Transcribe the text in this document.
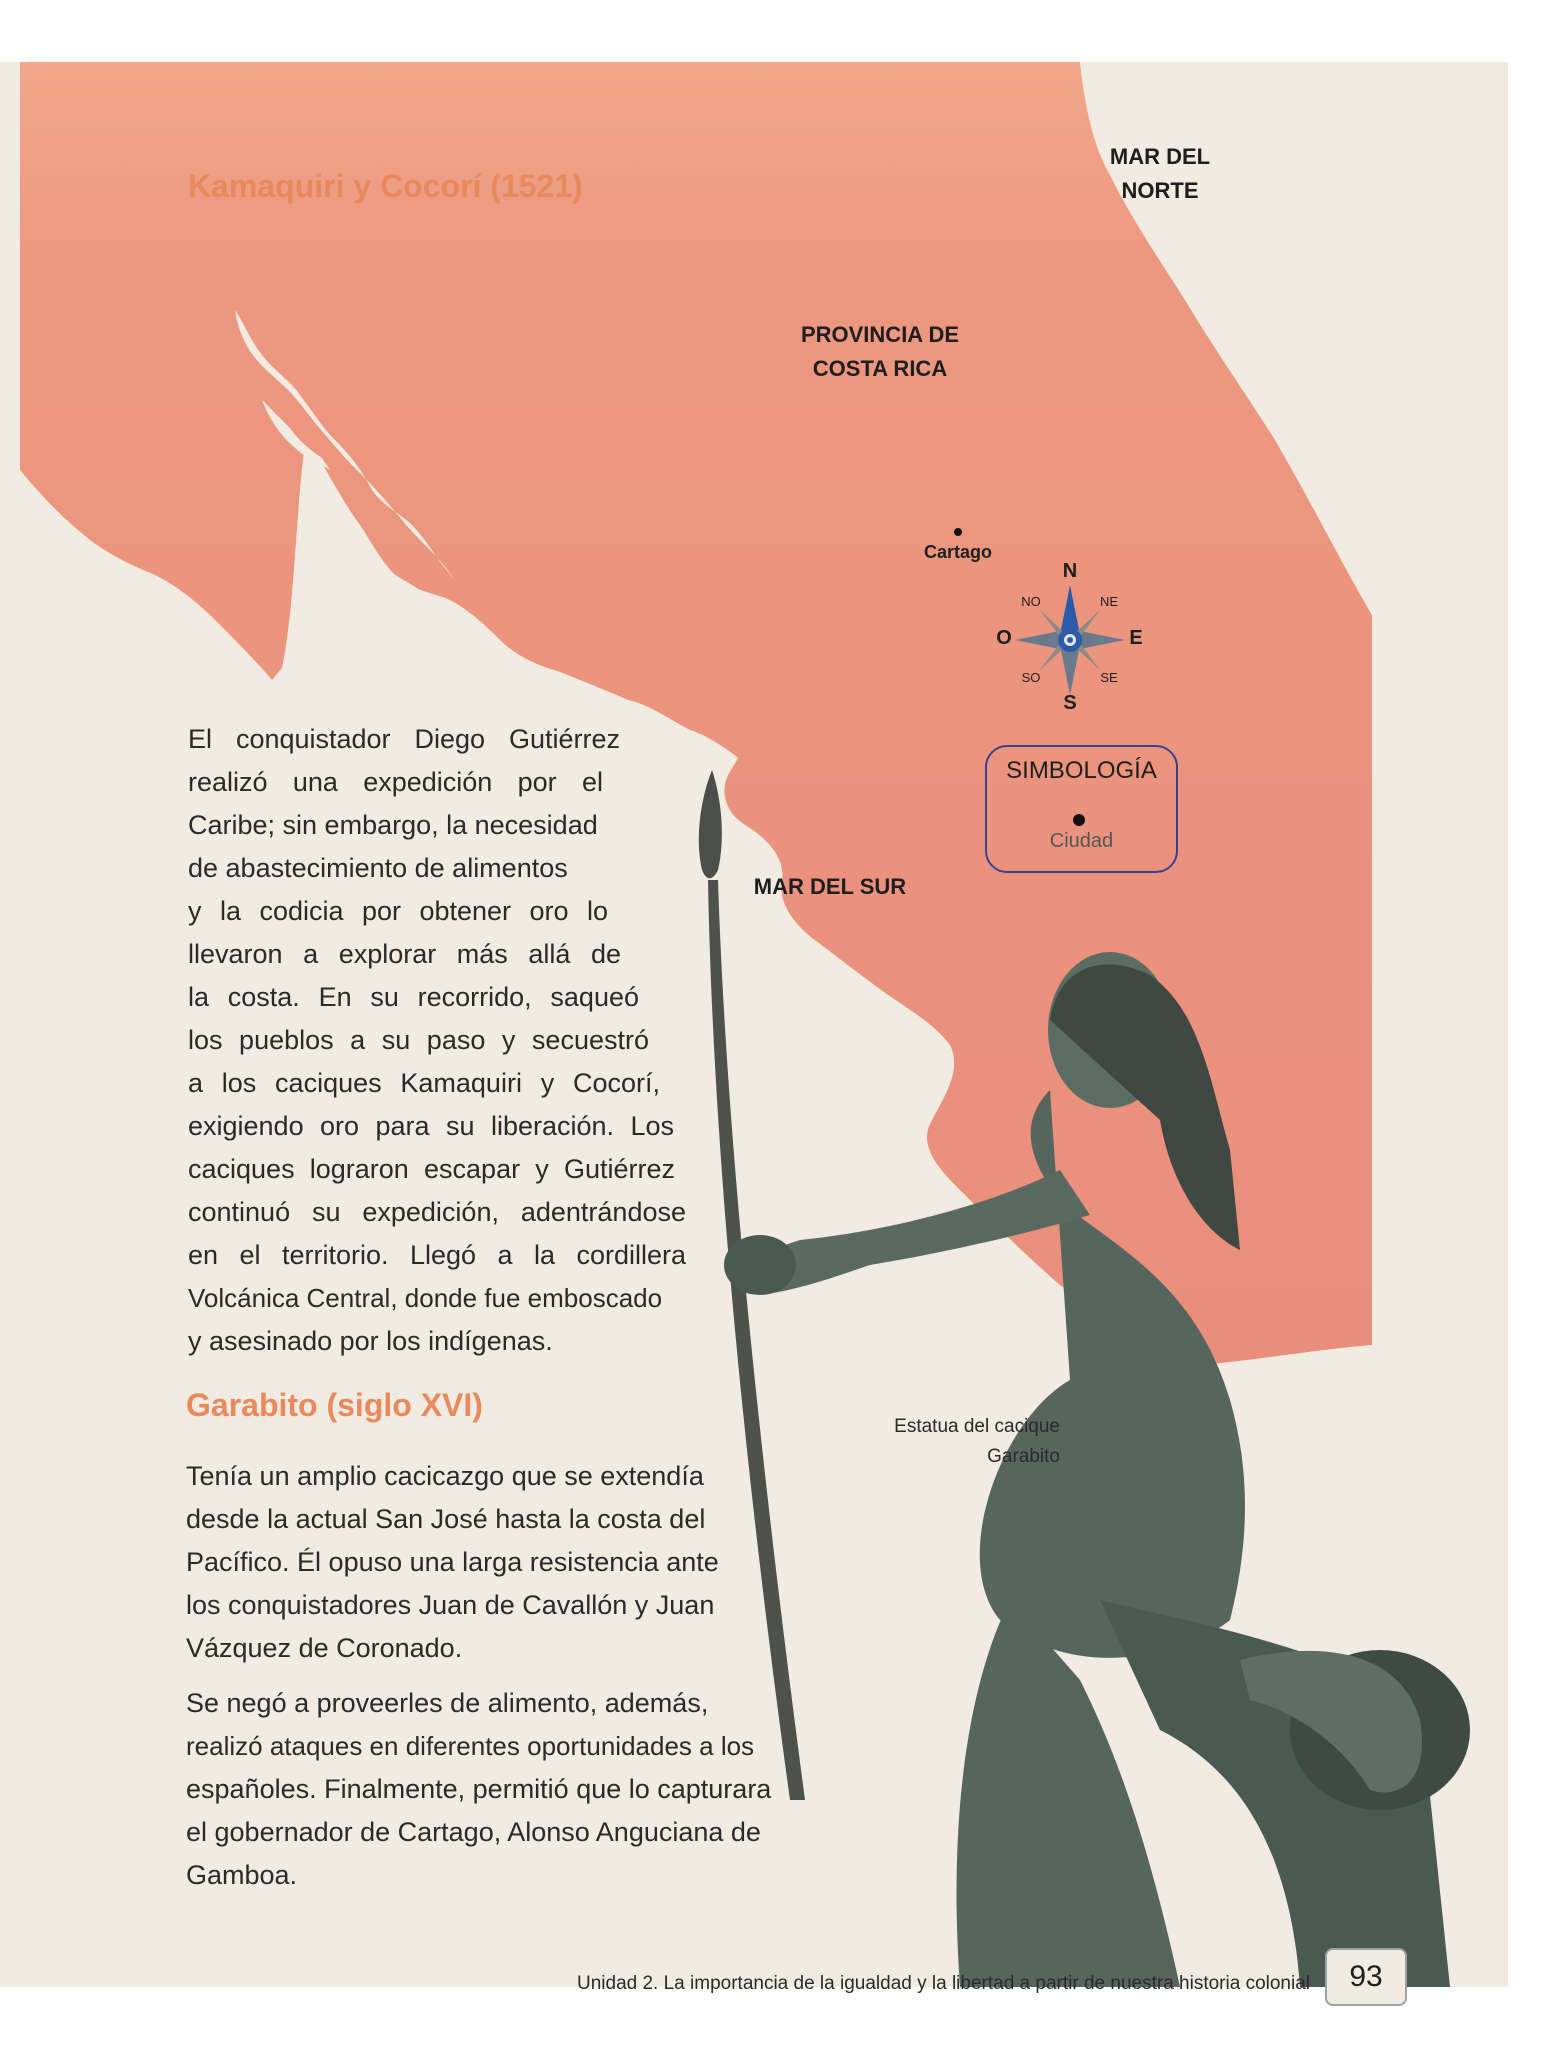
Kamaquiri y Cocorí (1521)
MAR DEL
NORTE
PROVINCIA DE
COSTA RICA
Cartago
MAR DEL SUR
N
S
E
O
NO	NE
SO	SE
SIMBOLOGÍA
Ciudad
El conquistador Diego Gutiérrez
realizó una expedición por el
Caribe; sin embargo, la necesidad
de abastecimiento de alimentos
y la codicia por obtener oro lo
llevaron a explorar más allá de
la costa. En su recorrido, saqueó
los pueblos a su paso y secuestró
a los caciques Kamaquiri y Cocorí,
exigiendo oro para su liberación. Los
caciques lograron escapar y Gutiérrez
continuó su expedición, adentrándose
en el territorio. Llegó a la cordillera
Volcánica Central, donde fue emboscado
y asesinado por los indígenas.
Garabito (siglo XVI)
Tenía un amplio cacicazgo que se extendía
desde la actual San José hasta la costa del
Pacífico. Él opuso una larga resistencia ante
los conquistadores Juan de Cavallón y Juan
Vázquez de Coronado.
Se negó a proveerles de alimento, además,
realizó ataques en diferentes oportunidades a los
españoles. Finalmente, permitió que lo capturara
el gobernador de Cartago, Alonso Anguciana de
Gamboa.
Estatua del cacique
Garabito
Unidad 2. La importancia de la igualdad y la libertad a partir de nuestra historia colonial	93
